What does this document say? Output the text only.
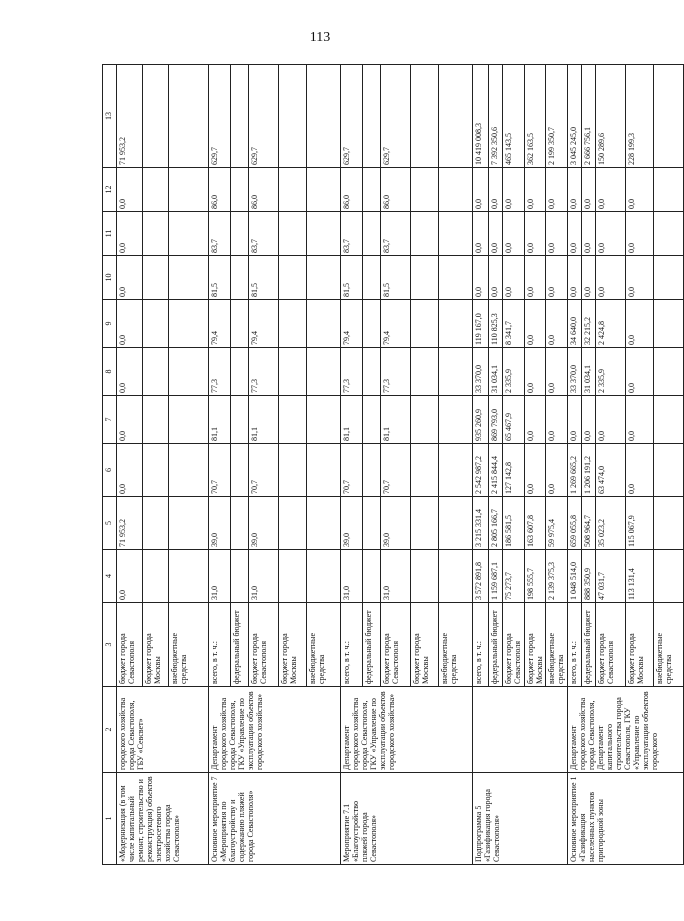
113
1	2	3	4	5	6	7	8	9	10	11	12	13
«Модернизация (в том числе капитальный ремонт, строительство и реконструкция) объектов электросетевого хозяйства города Севастополя»	городского хозяйства города Севастополя, ГБУ «Севсвет»	бюджет города Севастополя	0,0	71 953,2	0,0	0,0	0,0	0,0	0,0	0,0	0,0	71 953,2
		бюджет города Москвы										
		внебюджетные средства										
Основное мероприятие 7 «Мероприятия по благоустройству и содержанию пляжей города Севастополя»	Департамент городского хозяйства города Севастополя, ГКУ «Управление по эксплуатации объектов городского хозяйства»	всего, в т. ч.:	31,0	39,0	70,7	81,1	77,3	79,4	81,5	83,7	86,0	629,7
		федеральный бюджет										
		бюджет города Севастополя	31,0	39,0	70,7	81,1	77,3	79,4	81,5	83,7	86,0	629,7
		бюджет города Москвы										
		внебюджетные средства										
Мероприятие 7.1 «Благоустройство пляжей города Севастополя»	Департамент городского хозяйства города Севастополя, ГКУ «Управление по эксплуатации объектов городского хозяйства»	всего, в т. ч.:	31,0	39,0	70,7	81,1	77,3	79,4	81,5	83,7	86,0	629,7
		федеральный бюджет										
		бюджет города Севастополя	31,0	39,0	70,7	81,1	77,3	79,4	81,5	83,7	86,0	629,7
		бюджет города Москвы										
		внебюджетные средства										
Подпрограмма 5 «Газификация города Севастополя»		всего, в т. ч.:	3 572 891,8	3 215 331,4	2 542 987,2	935 260,9	33 370,0	119 167,0	0,0	0,0	0,0	10 419 008,3
		федеральный бюджет	1 159 687,1	2 805 166,7	2 415 844,4	869 793,0	31 034,1	110 825,3	0,0	0,0	0,0	7 392 350,6
		бюджет города Севастополя	75 273,7	186 581,5	127 142,8	65 467,9	2 335,9	8 341,7	0,0	0,0	0,0	465 143,5
		бюджет города Москвы	198 555,7	163 607,8	0,0	0,0	0,0	0,0	0,0	0,0	0,0	362 163,5
		внебюджетные средства	2 139 375,3	59 975,4	0,0	0,0	0,0	0,0	0,0	0,0	0,0	2 199 350,7
Основное мероприятие 1 «Газификация населенных пунктов пригородной зоны	Департамент городского хозяйства города Севастополя, Департамент капитального строительства города Севастополя, ГКУ «Управление по эксплуатации объектов городского	всего, в т. ч.:	1 048 514,0	659 055,8	1 269 665,2	0,0	33 370,0	34 640,0	0,0	0,0	0,0	3 045 245,0
		федеральный бюджет	888 350,9	508 964,7	1 206 191,2	0,0	31 034,1	32 215,2	0,0	0,0	0,0	2 666 756,1
		бюджет города Севастополя	47 031,7	35 023,2	63 474,0	0,0	2 335,9	2 424,8	0,0	0,0	0,0	150 289,6
		бюджет города Москвы	113 131,4	115 067,9	0,0	0,0	0,0	0,0	0,0	0,0	0,0	228 199,3
		внебюджетные средства										
